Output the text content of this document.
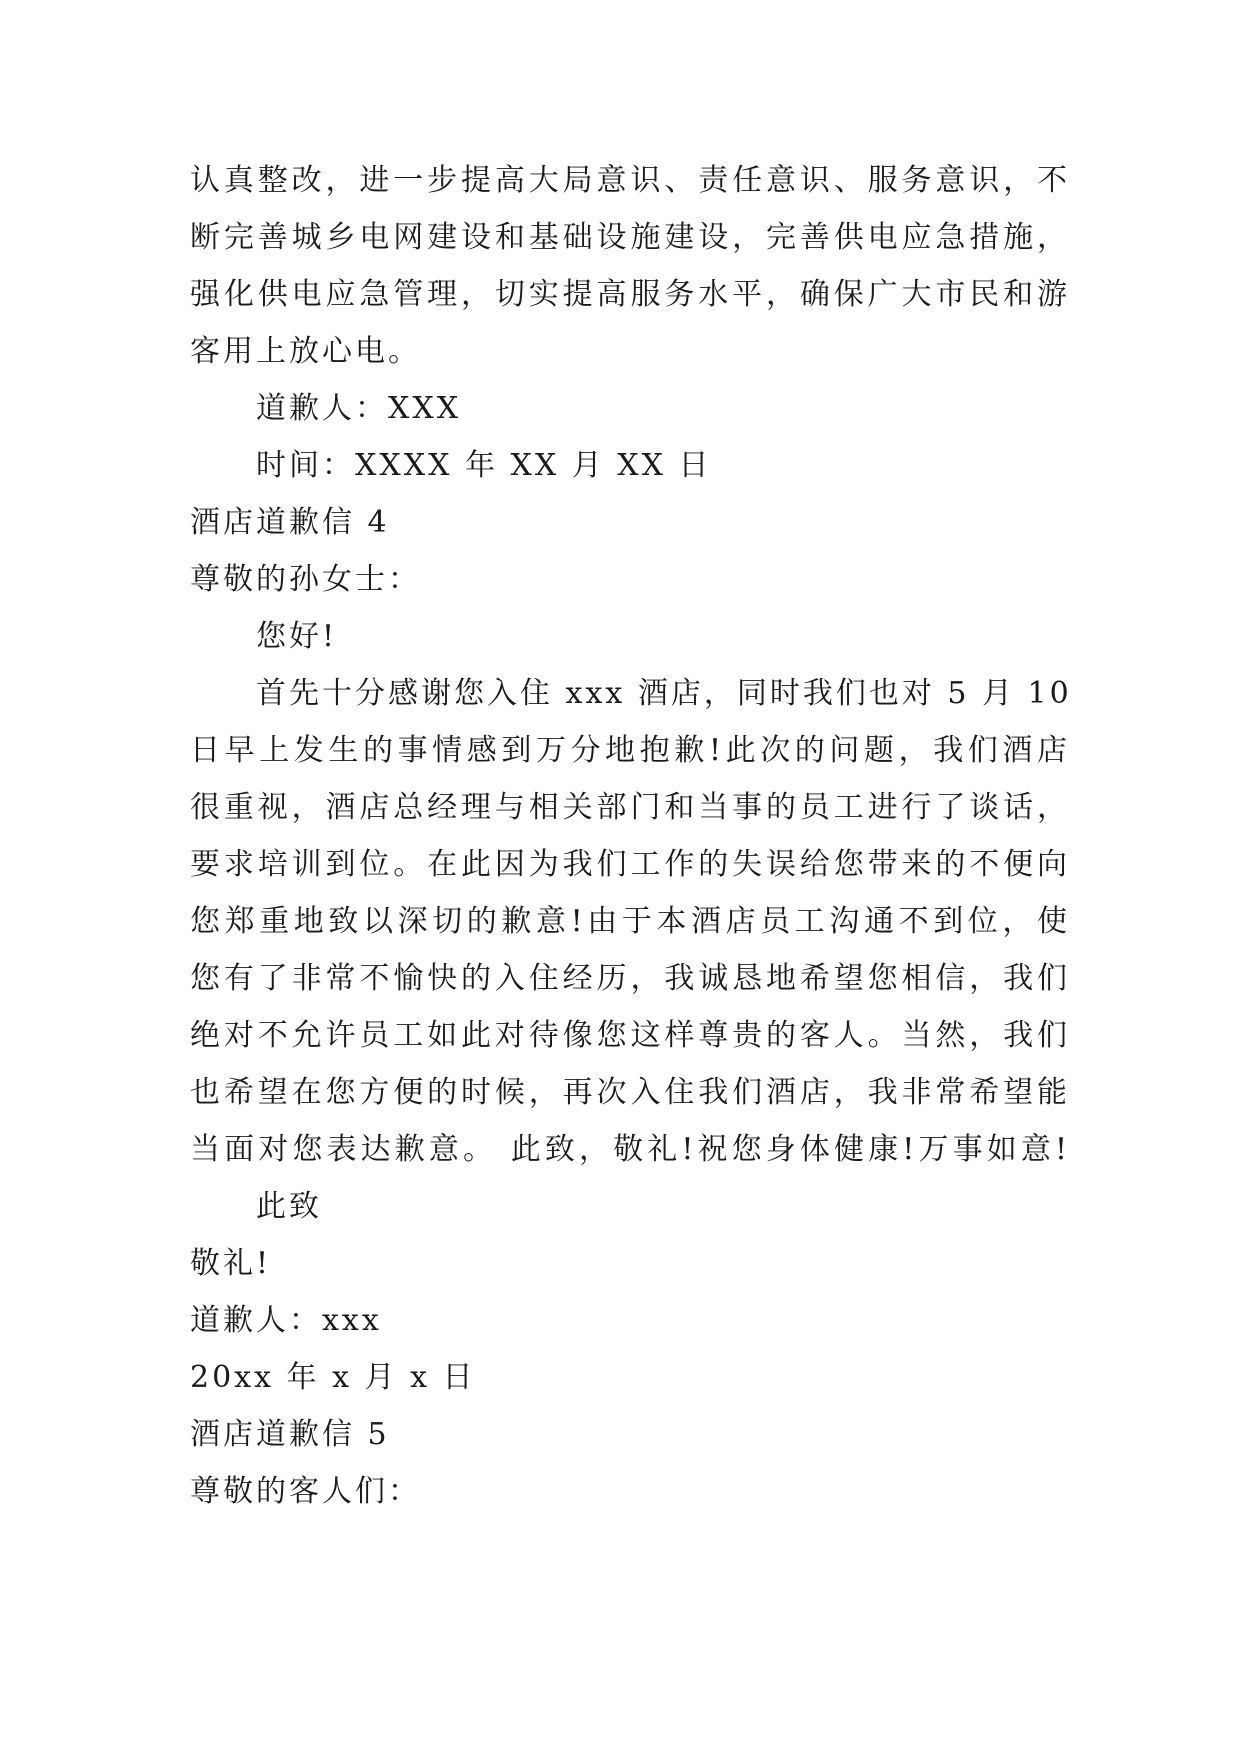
认真整改，进一步提高大局意识、责任意识、服务意识，不
断完善城乡电网建设和基础设施建设，完善供电应急措施，
强化供电应急管理，切实提高服务水平，确保广大市民和游
客用上放心电。
道歉人：XXX
时间：XXXX 年 XX 月 XX 日
酒店道歉信 4
尊敬的孙女士：
您好!
首先十分感谢您入住 xxx 酒店，同时我们也对 5 月 10
日早上发生的事情感到万分地抱歉!此次的问题，我们酒店
很重视，酒店总经理与相关部门和当事的员工进行了谈话，
要求培训到位。在此因为我们工作的失误给您带来的不便向
您郑重地致以深切的歉意!由于本酒店员工沟通不到位，使
您有了非常不愉快的入住经历，我诚恳地希望您相信，我们
绝对不允许员工如此对待像您这样尊贵的客人。当然，我们
也希望在您方便的时候，再次入住我们酒店，我非常希望能
当面对您表达歉意。 此致，敬礼!祝您身体健康!万事如意!
此致
敬礼!
道歉人：xxx
20xx 年 x 月 x 日
酒店道歉信 5
尊敬的客人们：
